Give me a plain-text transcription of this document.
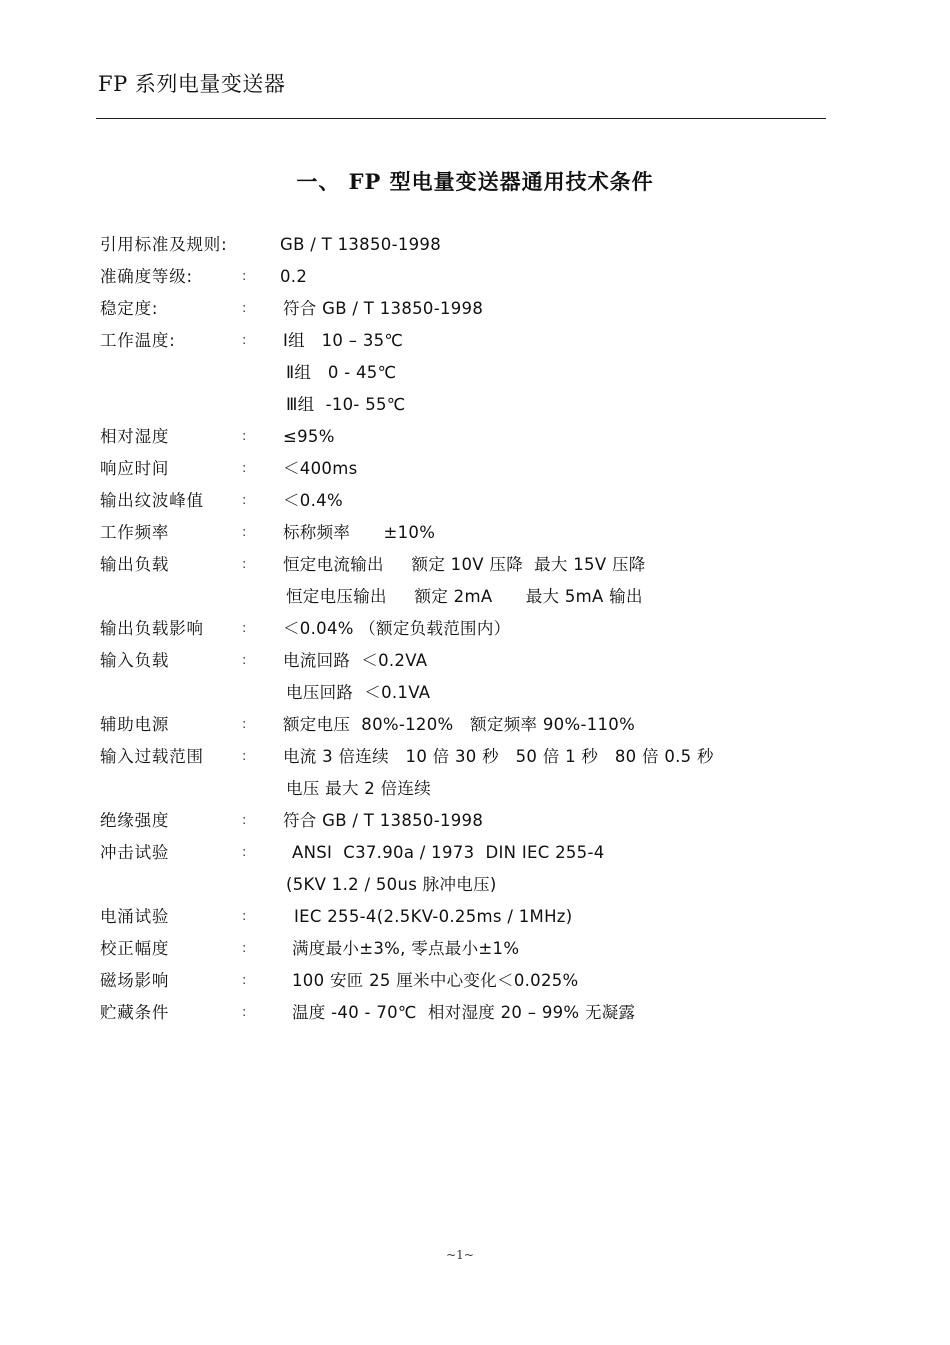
FP 系列电量变送器
一、 FP 型电量变送器通用技术条件
引用标准及规则:	GB / T 13850-1998
准确度等级:	: 0.2
稳定度:	: 符合 GB / T 13850-1998
工作温度:	: Ⅰ组   10 – 35℃
Ⅱ组   0 - 45℃
Ⅲ组  -10- 55℃
相对湿度	: ≤95%
响应时间	: ＜400ms
输出纹波峰值	: ＜0.4%
工作频率	: 标称频率      ±10%
输出负载	: 恒定电流输出     额定 10V 压降  最大 15V 压降
恒定电压输出     额定 2mA      最大 5mA 输出
输出负载影响	: ＜0.04% （额定负载范围内）
输入负载	: 电流回路  ＜0.2VA
电压回路  ＜0.1VA
辅助电源	: 额定电压  80%-120%   额定频率 90%-110%
输入过载范围	: 电流 3 倍连续   10 倍 30 秒   50 倍 1 秒   80 倍 0.5 秒
电压 最大 2 倍连续
绝缘强度	: 符合 GB / T 13850-1998
冲击试验	:	ANSI  C37.90a / 1973  DIN IEC 255-4
(5KV 1.2 / 50us 脉冲电压)
电涌试验	:	IEC 255-4(2.5KV-0.25ms / 1MHz)
校正幅度	:	满度最小±3%, 零点最小±1%
磁场影响	:	100 安匝 25 厘米中心变化＜0.025%
贮藏条件	:	温度 -40 - 70℃  相对湿度 20 – 99% 无凝露
~1~
